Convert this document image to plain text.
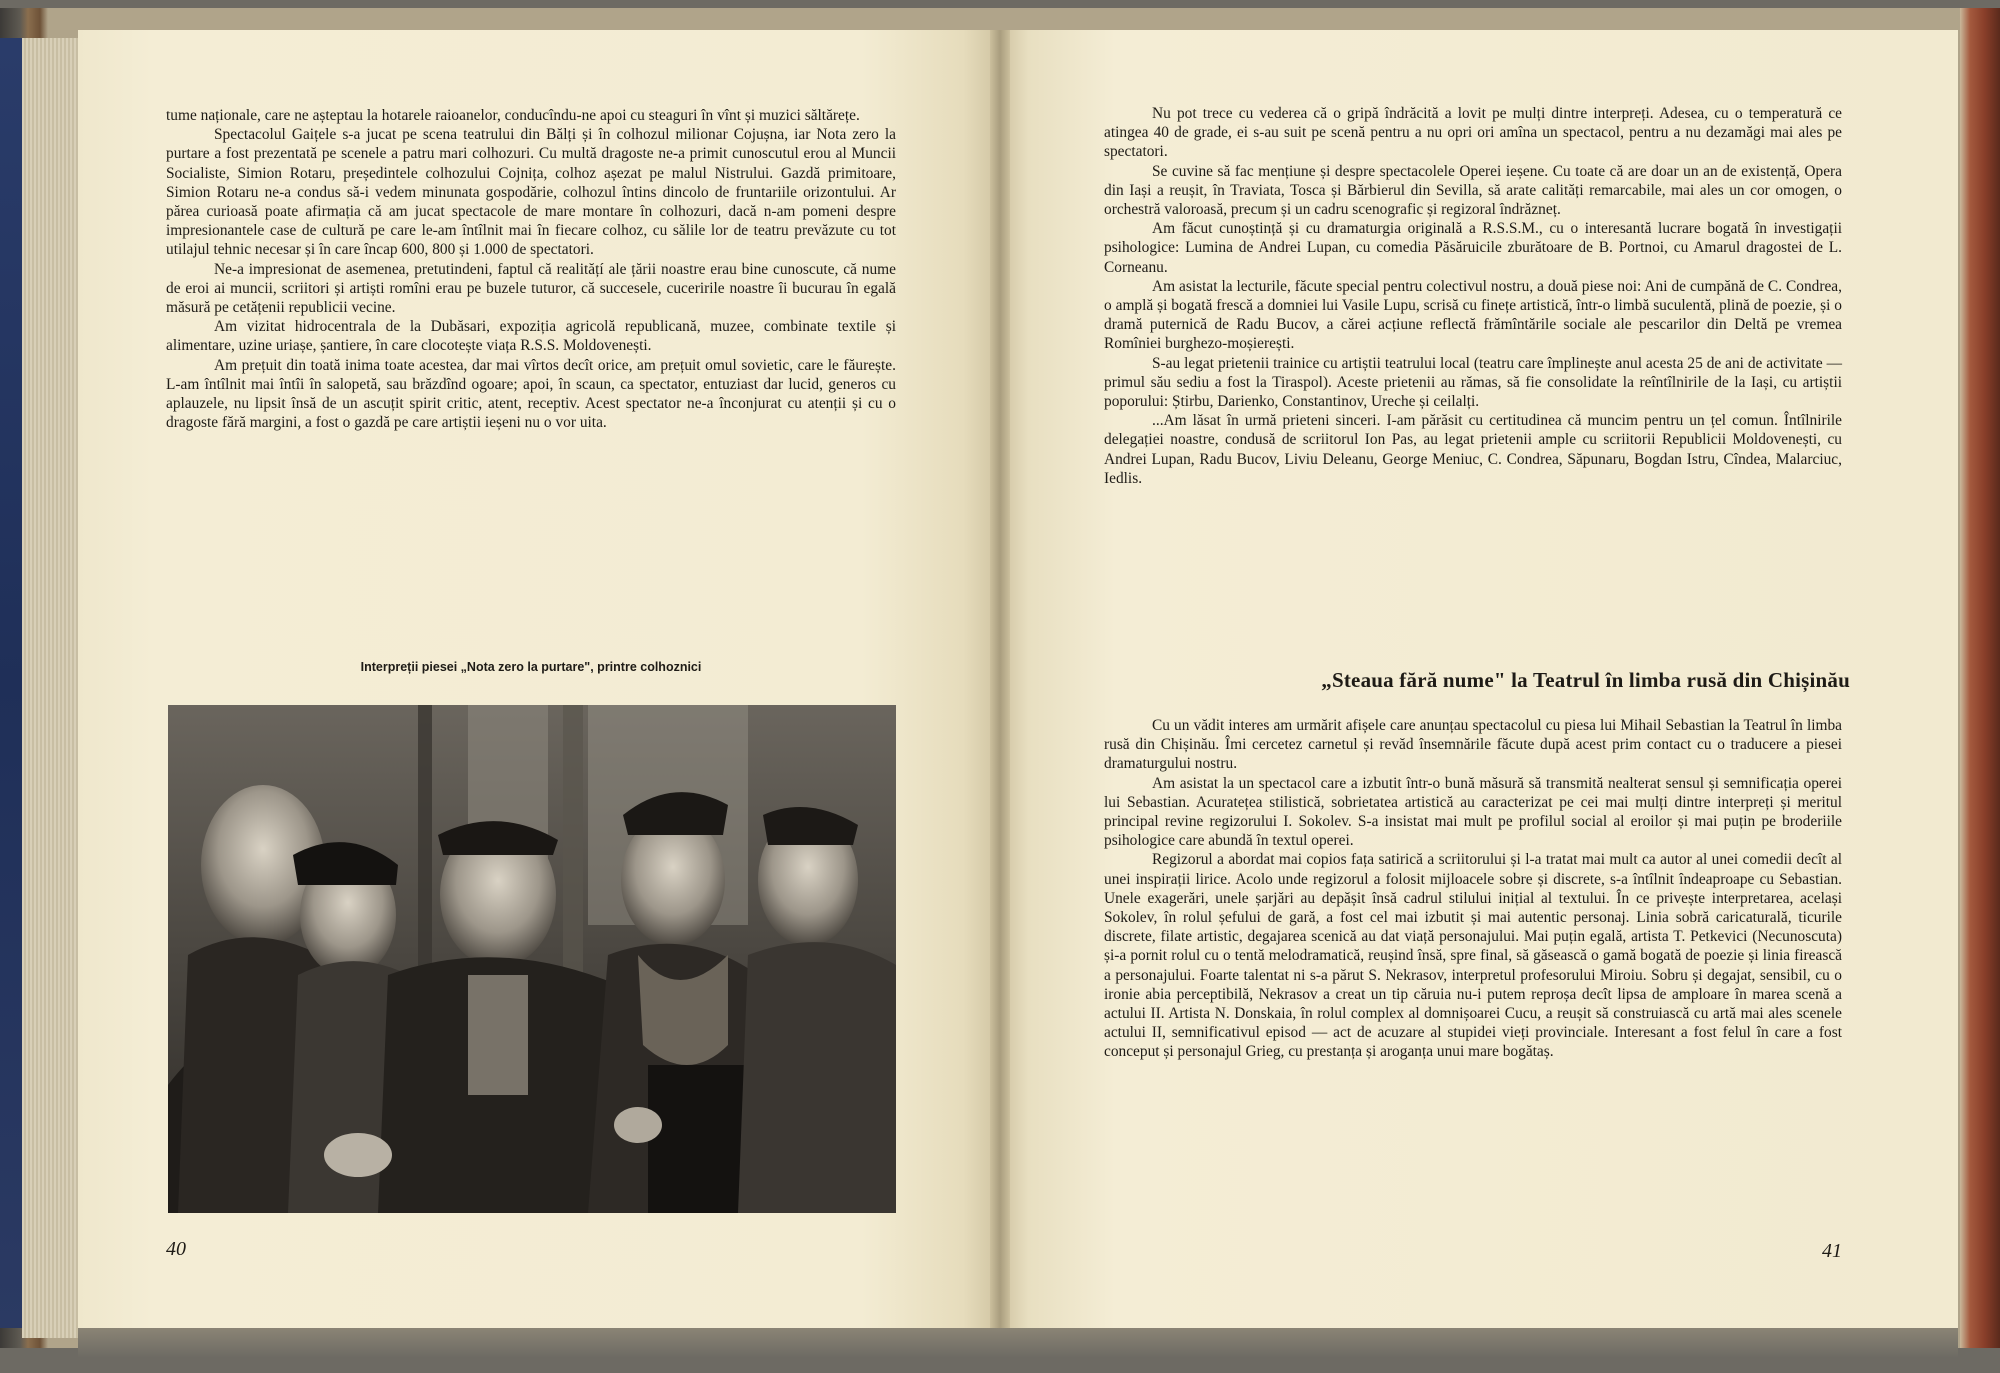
tume naționale, care ne așteptau la hotarele raioanelor, conducîndu-ne apoi cu steaguri în vînt și muzici săltărețe.

Spectacolul Gaițele s-a jucat pe scena teatrului din Bălți și în colhozul milionar Cojușna, iar Nota zero la purtare a fost prezentată pe scenele a patru mari colhozuri. Cu multă dragoste ne-a primit cunoscutul erou al Muncii Socialiste, Simion Rotaru, președintele colhozului Cojnița, colhoz așezat pe malul Nistrului. Gazdă primitoare, Simion Rotaru ne-a condus să-i vedem minunata gospodărie, colhozul întins dincolo de fruntariile orizontului. Ar părea curioasă poate afirmația că am jucat spectacole de mare montare în colhozuri, dacă n-am pomeni despre impresionantele case de cultură pe care le-am întîlnit mai în fiecare colhoz, cu sălile lor de teatru prevăzute cu tot utilajul tehnic necesar și în care încap 600, 800 și 1.000 de spectatori.

Ne-a impresionat de asemenea, pretutindeni, faptul că realitățí ale țării noastre erau bine cunoscute, că nume de eroi ai muncii, scriitori și artiști romîni erau pe buzele tuturor, că succesele, cuceririle noastre îi bucurau în egală măsură pe cetățenii republicii vecine.

Am vizitat hidrocentrala de la Dubăsari, expoziția agricolă republicană, muzee, combinate textile și alimentare, uzine uriașe, șantiere, în care clocotește viața R.S.S. Moldovenești.

Am prețuit din toată inima toate acestea, dar mai vîrtos decît orice, am prețuit omul sovietic, care le făurește. L-am întîlnit mai întîi în salopetă, sau brăzdînd ogoare; apoi, în scaun, ca spectator, entuziast dar lucid, generos cu aplauzele, nu lipsit însă de un ascuțit spirit critic, atent, receptiv. Acest spectator ne-a înconjurat cu atenții și cu o dragoste fără margini, a fost o gazdă pe care artiștii ieșeni nu o vor uita.

Interpreții piesei „Nota zero la purtare", printre colhoznici
40

Nu pot trece cu vederea că o gripă îndrăcită a lovit pe mulți dintre interpreți. Adesea, cu o temperatură ce atingea 40 de grade, ei s-au suit pe scenă pentru a nu opri ori amîna un spectacol, pentru a nu dezamăgi mai ales pe spectatori.

Se cuvine să fac mențiune și despre spectacolele Operei ieșene. Cu toate că are doar un an de existență, Opera din Iași a reușit, în Traviata, Tosca și Bărbierul din Sevilla, să arate calități remarcabile, mai ales un cor omogen, o orchestră valoroasă, precum și un cadru scenografic și regizoral îndrăzneț.

Am făcut cunoștință și cu dramaturgia originală a R.S.S.M., cu o interesantă lucrare bogată în investigații psihologice: Lumina de Andrei Lupan, cu comedia Păsăruicile zburătoare de B. Portnoi, cu Amarul dragostei de L. Corneanu.

Am asistat la lecturile, făcute special pentru colectivul nostru, a două piese noi: Ani de cumpănă de C. Condrea, o amplă și bogată frescă a domniei lui Vasile Lupu, scrisă cu finețe artistică, într-o limbă suculentă, plină de poezie, și o dramă puternică de Radu Bucov, a cărei acțiune reflectă frămîntările sociale ale pescarilor din Deltă pe vremea Romîniei burghezo-moșierești.

S-au legat prietenii trainice cu artiștii teatrului local (teatru care împlinește anul acesta 25 de ani de activitate — primul său sediu a fost la Tiraspol). Aceste prietenii au rămas, să fie consolidate la reîntîlnirile de la Iași, cu artiștii poporului: Știrbu, Darienko, Constantinov, Ureche și ceilalți.

...Am lăsat în urmă prieteni sinceri. I-am părăsit cu certitudinea că muncim pentru un țel comun. Întîlnirile delegației noastre, condusă de scriitorul Ion Pas, au legat prietenii ample cu scriitorii Republicii Moldovenești, cu Andrei Lupan, Radu Bucov, Liviu Deleanu, George Meniuc, C. Condrea, Săpunaru, Bogdan Istru, Cîndea, Malarciuc, Iedlis.

„Steaua fără nume" la Teatrul în limba rusă din Chișinău

Cu un vădit interes am urmărit afișele care anunțau spectacolul cu piesa lui Mihail Sebastian la Teatrul în limba rusă din Chișinău. Îmi cercetez carnetul și revăd însemnările făcute după acest prim contact cu o traducere a piesei dramaturgului nostru.

Am asistat la un spectacol care a izbutit într-o bună măsură să transmită nealterat sensul și semnificația operei lui Sebastian. Acuratețea stilistică, sobrietatea artistică au caracterizat pe cei mai mulți dintre interpreți și meritul principal revine regizorului I. Sokolev. S-a insistat mai mult pe profilul social al eroilor și mai puțin pe broderiile psihologice care abundă în textul operei.

Regizorul a abordat mai copios fața satirică a scriitorului și l-a tratat mai mult ca autor al unei comedii decît al unei inspirații lirice. Acolo unde regizorul a folosit mijloacele sobre și discrete, s-a întîlnit îndeaproape cu Sebastian. Unele exagerări, unele șarjări au depășit însă cadrul stilului inițial al textului. În ce privește interpretarea, același Sokolev, în rolul șefului de gară, a fost cel mai izbutit și mai autentic personaj. Linia sobră caricaturală, ticurile discrete, filate artistic, degajarea scenică au dat viață personajului. Mai puțin egală, artista T. Petkevici (Necunoscuta) și-a pornit rolul cu o tentă melodramatică, reușind însă, spre final, să găsească o gamă bogată de poezie și linia firească a personajului. Foarte talentat ni s-a părut S. Nekrasov, interpretul profesorului Miroiu. Sobru și degajat, sensibil, cu o ironie abia perceptibilă, Nekrasov a creat un tip căruia nu-i putem reproșa decît lipsa de amploare în marea scenă a actului II. Artista N. Donskaia, în rolul complex al domnișoarei Cucu, a reușit să construiască cu artă mai ales scenele actului II, semnificativul episod — act de acuzare al stupidei vieți provinciale. Interesant a fost felul în care a fost conceput și personajul Grieg, cu prestanța și aroganța unui mare bogătaș.

41
